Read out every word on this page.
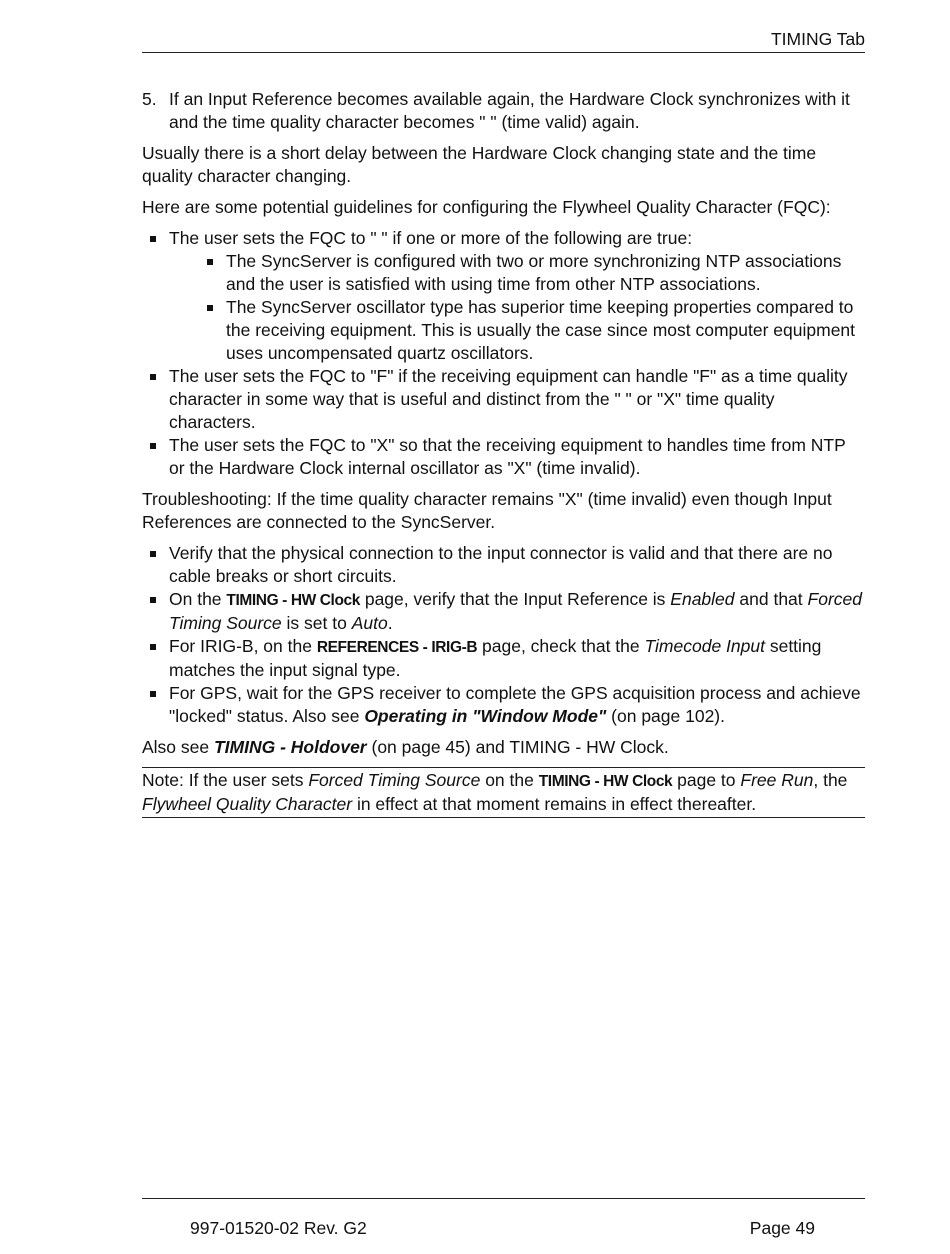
TIMING Tab
5. If an Input Reference becomes available again, the Hardware Clock synchronizes with it and the time quality character becomes " " (time valid) again.

Usually there is a short delay between the Hardware Clock changing state and the time quality character changing.

Here are some potential guidelines for configuring the Flywheel Quality Character (FQC):

The user sets the FQC to " " if one or more of the following are true:
The SyncServer is configured with two or more synchronizing NTP associations and the user is satisfied with using time from other NTP associations.
The SyncServer oscillator type has superior time keeping properties compared to the receiving equipment. This is usually the case since most computer equipment uses uncompensated quartz oscillators.
The user sets the FQC to "F" if the receiving equipment can handle "F" as a time quality character in some way that is useful and distinct from the " " or "X" time quality characters.
The user sets the FQC to "X" so that the receiving equipment to handles time from NTP or the Hardware Clock internal oscillator as "X" (time invalid).

Troubleshooting: If the time quality character remains "X" (time invalid) even though Input References are connected to the SyncServer.

Verify that the physical connection to the input connector is valid and that there are no cable breaks or short circuits.
On the TIMING - HW Clock page, verify that the Input Reference is Enabled and that Forced Timing Source is set to Auto.
For IRIG-B, on the REFERENCES - IRIG-B page, check that the Timecode Input setting matches the input signal type.
For GPS, wait for the GPS receiver to complete the GPS acquisition process and achieve "locked" status. Also see Operating in "Window Mode" (on page 102).

Also see TIMING - Holdover (on page 45) and TIMING - HW Clock.

Note: If the user sets Forced Timing Source on the TIMING - HW Clock page to Free Run, the Flywheel Quality Character in effect at that moment remains in effect thereafter.

997-01520-02 Rev. G2	Page 49
